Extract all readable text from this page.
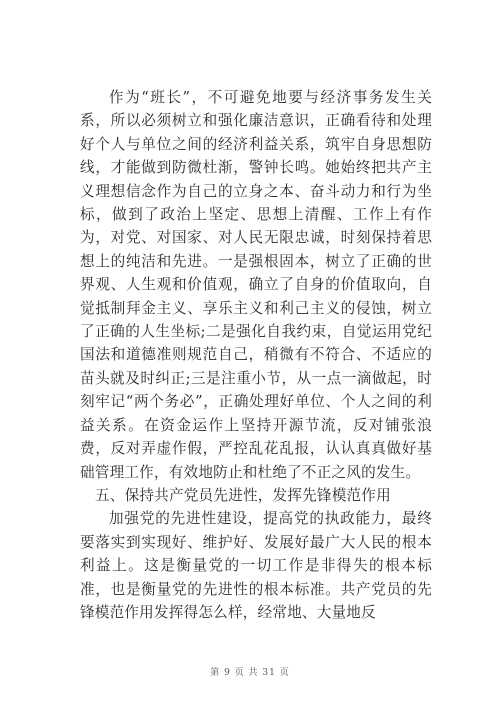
作为“班长”，不可避免地要与经济事务发生关系，所以必须树立和强化廉洁意识，正确看待和处理好个人与单位之间的经济利益关系，筑牢自身思想防线，才能做到防微杜渐，警钟长鸣。她始终把共产主义理想信念作为自己的立身之本、奋斗动力和行为坐标，做到了政治上坚定、思想上清醒、工作上有作为，对党、对国家、对人民无限忠诚，时刻保持着思想上的纯洁和先进。一是强根固本，树立了正确的世界观、人生观和价值观，确立了自身的价值取向，自觉抵制拜金主义、享乐主义和利己主义的侵蚀，树立了正确的人生坐标;二是强化自我约束，自觉运用党纪国法和道德准则规范自己，稍微有不符合、不适应的苗头就及时纠正;三是注重小节，从一点一滴做起，时刻牢记“两个务必”，正确处理好单位、个人之间的利益关系。在资金运作上坚持开源节流，反对铺张浪费，反对弄虚作假，严控乱花乱报，认认真真做好基础管理工作，有效地防止和杜绝了不正之风的发生。

五、保持共产党员先进性，发挥先锋模范作用

加强党的先进性建设，提高党的执政能力，最终要落实到实现好、维护好、发展好最广大人民的根本利益上。这是衡量党的一切工作是非得失的根本标准，也是衡量党的先进性的根本标准。共产党员的先锋模范作用发挥得怎么样，经常地、大量地反

第 9 页 共 31 页
